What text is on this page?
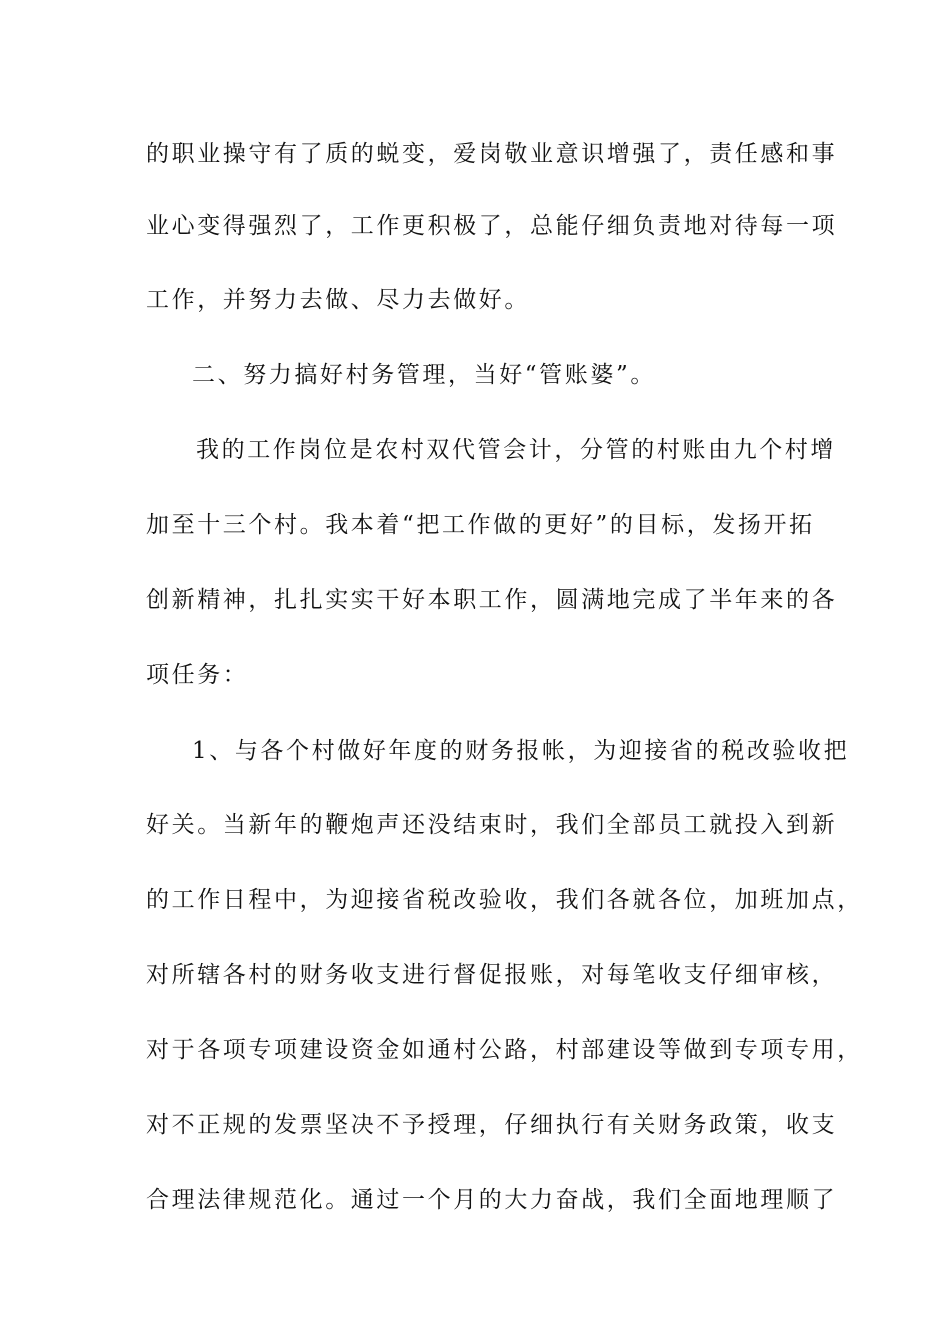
的职业操守有了质的蜕变，爱岗敬业意识增强了，责任感和事
业心变得强烈了，工作更积极了，总能仔细负责地对待每一项
工作，并努力去做、尽力去做好。
二、努力搞好村务管理，当好“管账婆”。
我的工作岗位是农村双代管会计，分管的村账由九个村增
加至十三个村。我本着“把工作做的更好”的目标，发扬开拓
创新精神，扎扎实实干好本职工作，圆满地完成了半年来的各
项任务：
1、与各个村做好年度的财务报帐，为迎接省的税改验收把
好关。当新年的鞭炮声还没结束时，我们全部员工就投入到新
的工作日程中，为迎接省税改验收，我们各就各位，加班加点，
对所辖各村的财务收支进行督促报账，对每笔收支仔细审核，
对于各项专项建设资金如通村公路，村部建设等做到专项专用，
对不正规的发票坚决不予授理，仔细执行有关财务政策，收支
合理法律规范化。通过一个月的大力奋战，我们全面地理顺了
